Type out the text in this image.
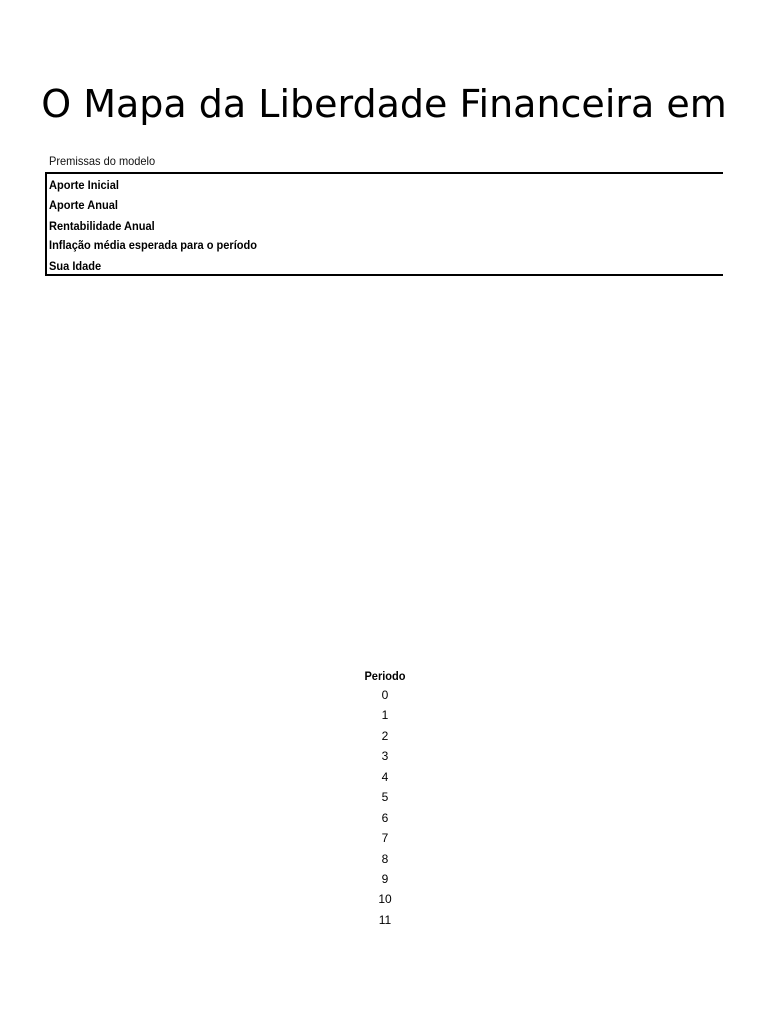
O Mapa da Liberdade Financeira em
Premissas do modelo
Aporte Inicial
Aporte Anual
Rentabilidade Anual
Inflação média esperada para o período
Sua Idade
Periodo
0
1
2
3
4
5
6
7
8
9
10
11
